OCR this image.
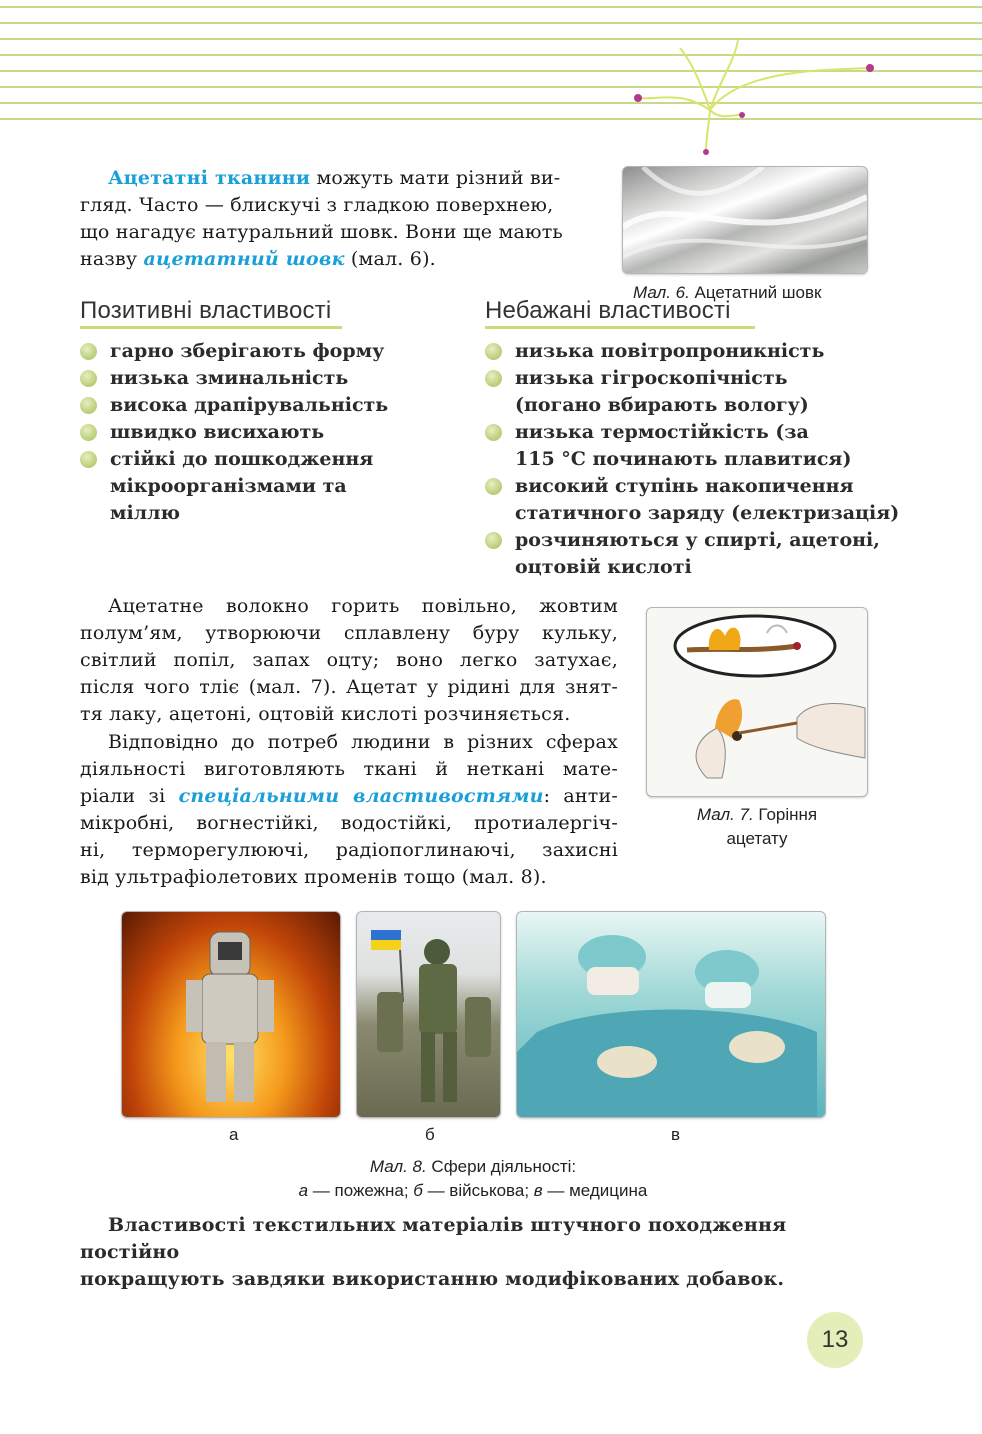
Ацетатні тканини можуть мати різний ви-
гляд. Часто — блискучі з гладкою поверхнею,
що нагадує натуральний шовк. Вони ще мають
назву ацетатний шовк (мал. 6).
Мал. 6. Ацетатний шовк
Позитивні властивості	Небажані властивості
гарно зберігають форму
низька зминальність
висока драпірувальність
швидко висихають
стійкі до пошкодження мікроорганізмами та міллю
низька повітропроникність
низька гігроскопічність (погано вбирають вологу)
низька термостійкість (за 115 °С починають плавитися)
високий ступінь накопичення статичного заряду (електризація)
розчиняються у спирті, ацетоні, оцтовій кислоті
Ацетатне волокно горить повільно, жовтим
полум’ям, утворюючи сплавлену буру кульку,
світлий попіл, запах оцту; воно легко затухає,
після чого тліє (мал. 7). Ацетат у рідині для знят-
тя лаку, ацетоні, оцтовій кислоті розчиняється.
Відповідно до потреб людини в різних сферах
діяльності виготовляють тканi й неткані мате-
ріали зі спеціальними властивостями: анти-
мікробні, вогнестійкі, водостійкі, протиалергіч-
ні, терморегулюючі, радіопоглинаючі, захисні
від ультрафіолетових променів тощо (мал. 8).
Мал. 7. Горіння
ацетату
а	б	в
Мал. 8. Сфери діяльності:
а — пожежна; б — військова; в — медицина
Властивості текстильних матеріалів штучного походження постійно
покращують завдяки використанню модифікованих добавок.
13
